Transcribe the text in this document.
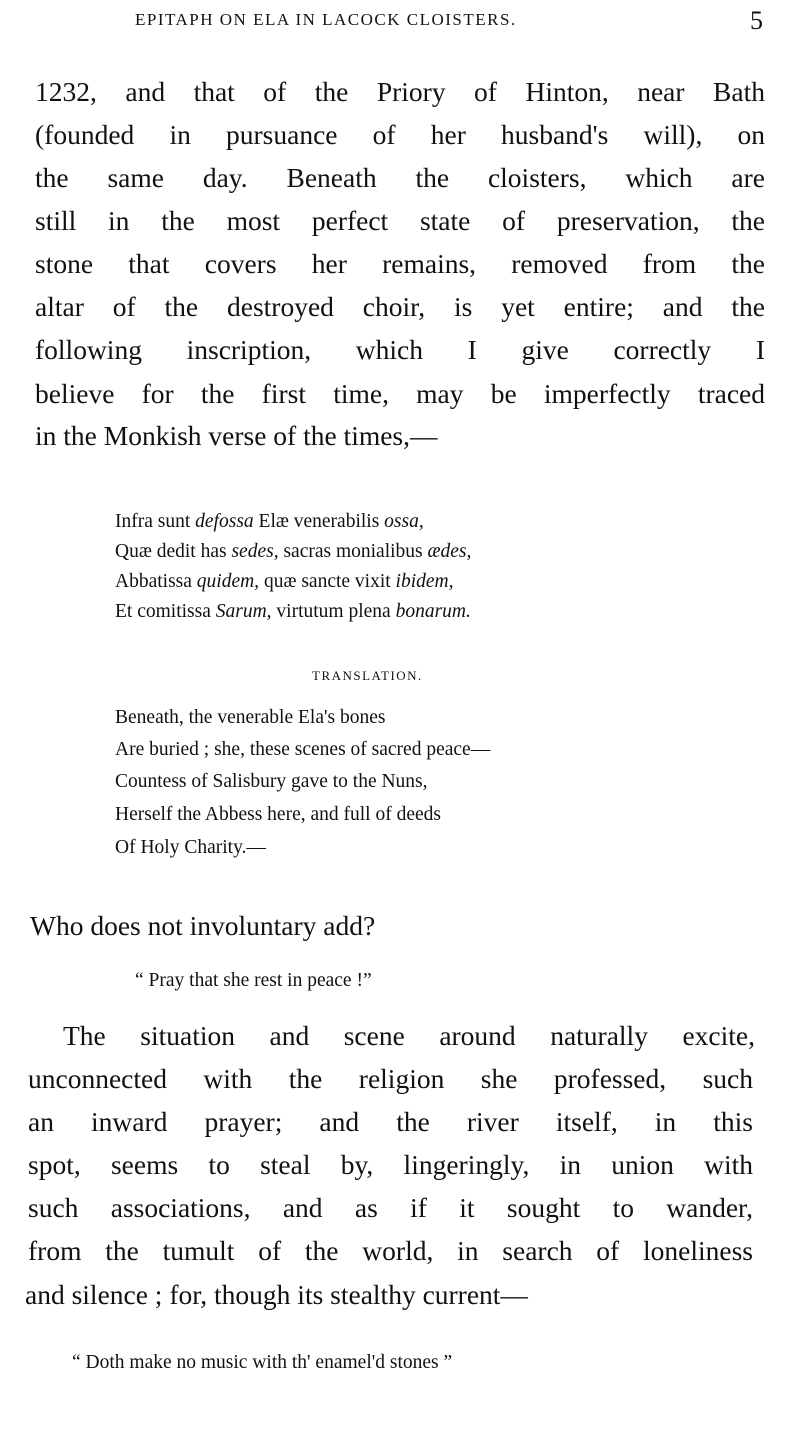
EPITAPH ON ELA IN LACOCK CLOISTERS.	5
1232, and that of the Priory of Hinton, near Bath
(founded in pursuance of her husband's will), on
the same day. Beneath the cloisters, which are
still in the most perfect state of preservation, the
stone that covers her remains, removed from the
altar of the destroyed choir, is yet entire; and the
following inscription, which I give correctly I
believe for the first time, may be imperfectly traced
in the Monkish verse of the times,—
Infra sunt defossa Elæ venerabilis ossa,
Quæ dedit has sedes, sacras monialibus ædes,
Abbatissa quidem, quæ sancte vixit ibidem,
Et comitissa Sarum, virtutum plena bonarum.
TRANSLATION.
Beneath, the venerable Ela's bones
Are buried ; she, these scenes of sacred peace—
Countess of Salisbury gave to the Nuns,
Herself the Abbess here, and full of deeds
Of Holy Charity.—
Who does not involuntary add?
“ Pray that she rest in peace !”
The situation and scene around naturally excite,
unconnected with the religion she professed, such
an inward prayer; and the river itself, in this
spot, seems to steal by, lingeringly, in union with
such associations, and as if it sought to wander,
from the tumult of the world, in search of loneliness
and silence ; for, though its stealthy current—
“ Doth make no music with th' enamel'd stones ”
